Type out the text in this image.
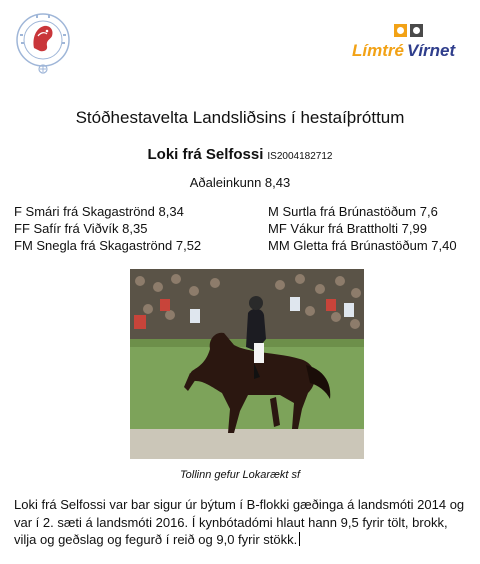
Límtré Vírnet
Stóðhestavelta Landsliðsins í hestaíþróttum
Loki frá Selfossi IS2004182712
Aðaleinkunn 8,43
F Smári frá Skagaströnd 8,34
FF Safír frá Viðvík 8,35
FM Snegla frá Skagaströnd 7,52
M Surtla frá Brúnastöðum 7,6
MF Vákur frá Brattholti 7,99
MM Gletta frá Brúnastöðum 7,40
Tollinn gefur Lokarækt sf
Loki frá Selfossi var bar sigur úr býtum í B-flokki gæðinga á landsmóti 2014 og var í 2. sæti á landsmóti 2016. Í kynbótadómi hlaut hann 9,5 fyrir tölt, brokk, vilja og geðslag og fegurð í reið og 9,0 fyrir stökk.
